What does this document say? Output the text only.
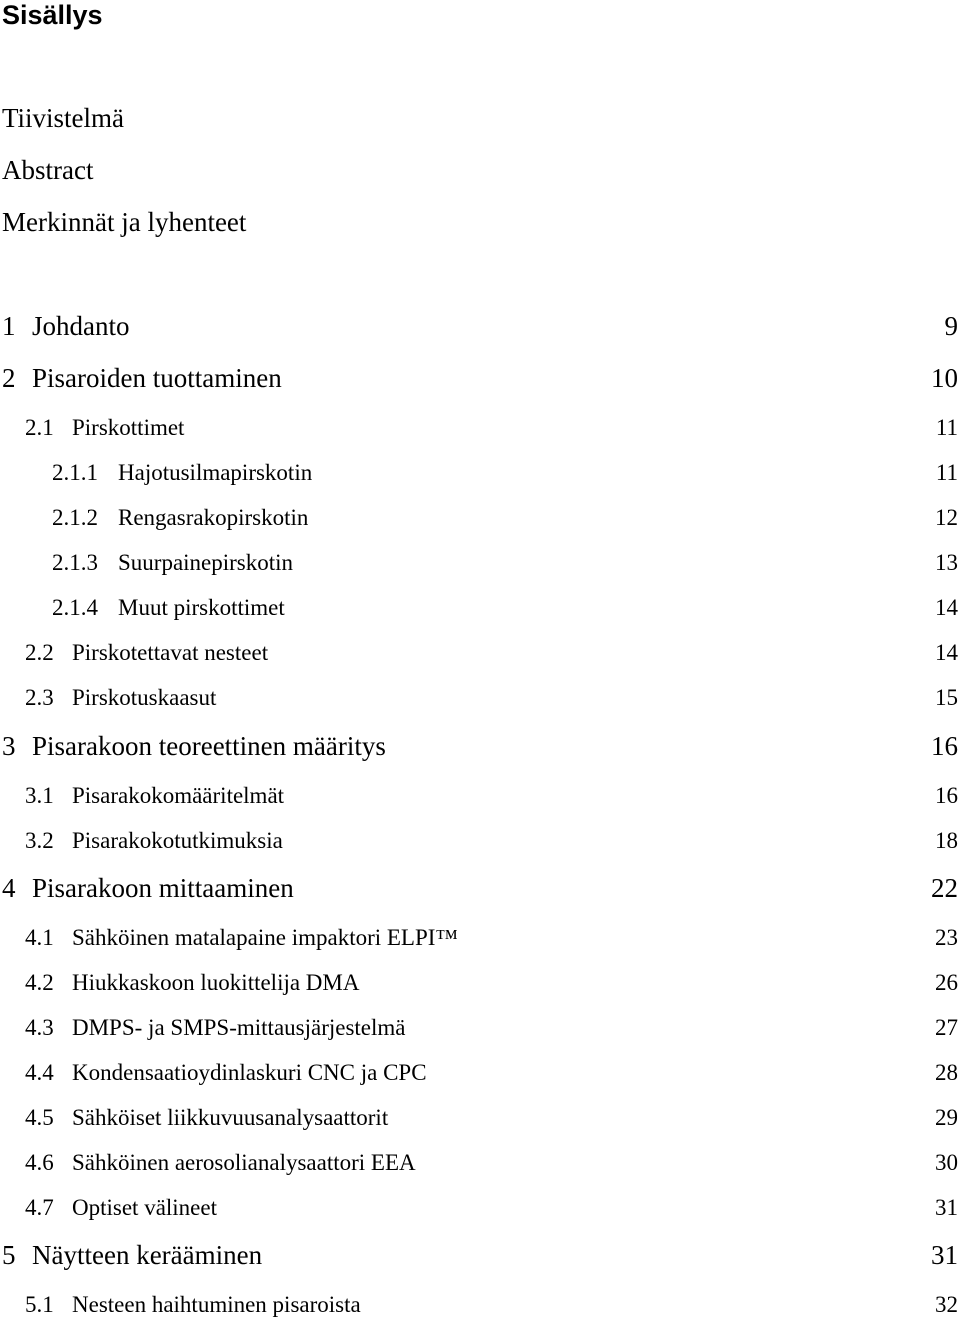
Sisällys
Tiivistelmä
Abstract
Merkinnät ja lyhenteet
1 Johdanto	9
2 Pisaroiden tuottaminen	10
2.1 Pirskottimet	11
2.1.1 Hajotusilmapirskotin	11
2.1.2 Rengasrakopirskotin	12
2.1.3 Suurpainepirskotin	13
2.1.4 Muut pirskottimet	14
2.2 Pirskotettavat nesteet	14
2.3 Pirskotuskaasut	15
3 Pisarakoon teoreettinen määritys	16
3.1 Pisarakokomääritelmät	16
3.2 Pisarakokotutkimuksia	18
4 Pisarakoon mittaaminen	22
4.1 Sähköinen matalapaine impaktori ELPI™	23
4.2 Hiukkaskoon luokittelija DMA	26
4.3 DMPS- ja SMPS-mittausjärjestelmä	27
4.4 Kondensaatioydinlaskuri CNC ja CPC	28
4.5 Sähköiset liikkuvuusanalysaattorit	29
4.6 Sähköinen aerosolianalysaattori EEA	30
4.7 Optiset välineet	31
5 Näytteen kerääminen	31
5.1 Nesteen haihtuminen pisaroista	32
